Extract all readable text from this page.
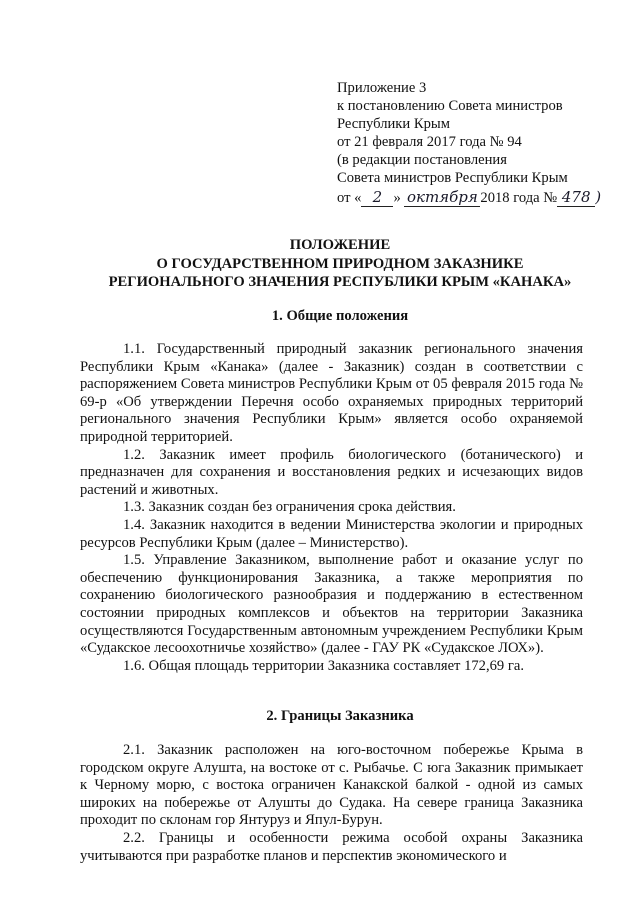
Приложение 3
к постановлению Совета министров
Республики Крым
от 21 февраля 2017 года № 94
(в редакции постановления
Совета министров Республики Крым
от « 2 » октября 2018 года № 478 )
ПОЛОЖЕНИЕ
О ГОСУДАРСТВЕННОМ ПРИРОДНОМ ЗАКАЗНИКЕ
РЕГИОНАЛЬНОГО ЗНАЧЕНИЯ РЕСПУБЛИКИ КРЫМ «КАНАКА»
1. Общие положения

1.1. Государственный природный заказник регионального значения Республики Крым «Канака» (далее - Заказник) создан в соответствии с распоряжением Совета министров Республики Крым от 05 февраля 2015 года № 69-р «Об утверждении Перечня особо охраняемых природных территорий регионального значения Республики Крым» является особо охраняемой природной территорией.

1.2. Заказник имеет профиль биологического (ботанического) и предназначен для сохранения и восстановления редких и исчезающих видов растений и животных.

1.3. Заказник создан без ограничения срока действия.

1.4. Заказник находится в ведении Министерства экологии и природных ресурсов Республики Крым (далее – Министерство).

1.5. Управление Заказником, выполнение работ и оказание услуг по обеспечению функционирования Заказника, а также мероприятия по сохранению биологического разнообразия и поддержанию в естественном состоянии природных комплексов и объектов на территории Заказника осуществляются Государственным автономным учреждением Республики Крым «Судакское лесоохотничье хозяйство» (далее - ГАУ РК «Судакское ЛОХ»).

1.6. Общая площадь территории Заказника составляет 172,69 га.

2. Границы Заказника

2.1. Заказник расположен на юго-восточном побережье Крыма в городском округе Алушта, на востоке от с. Рыбачье. С юга Заказник примыкает к Черному морю, с востока ограничен Канакской балкой - одной из самых широких на побережье от Алушты до Судака. На севере граница Заказника проходит по склонам гор Янтуруз и Япул-Бурун.

2.2. Границы и особенности режима особой охраны Заказника учитываются при разработке планов и перспектив экономического и
